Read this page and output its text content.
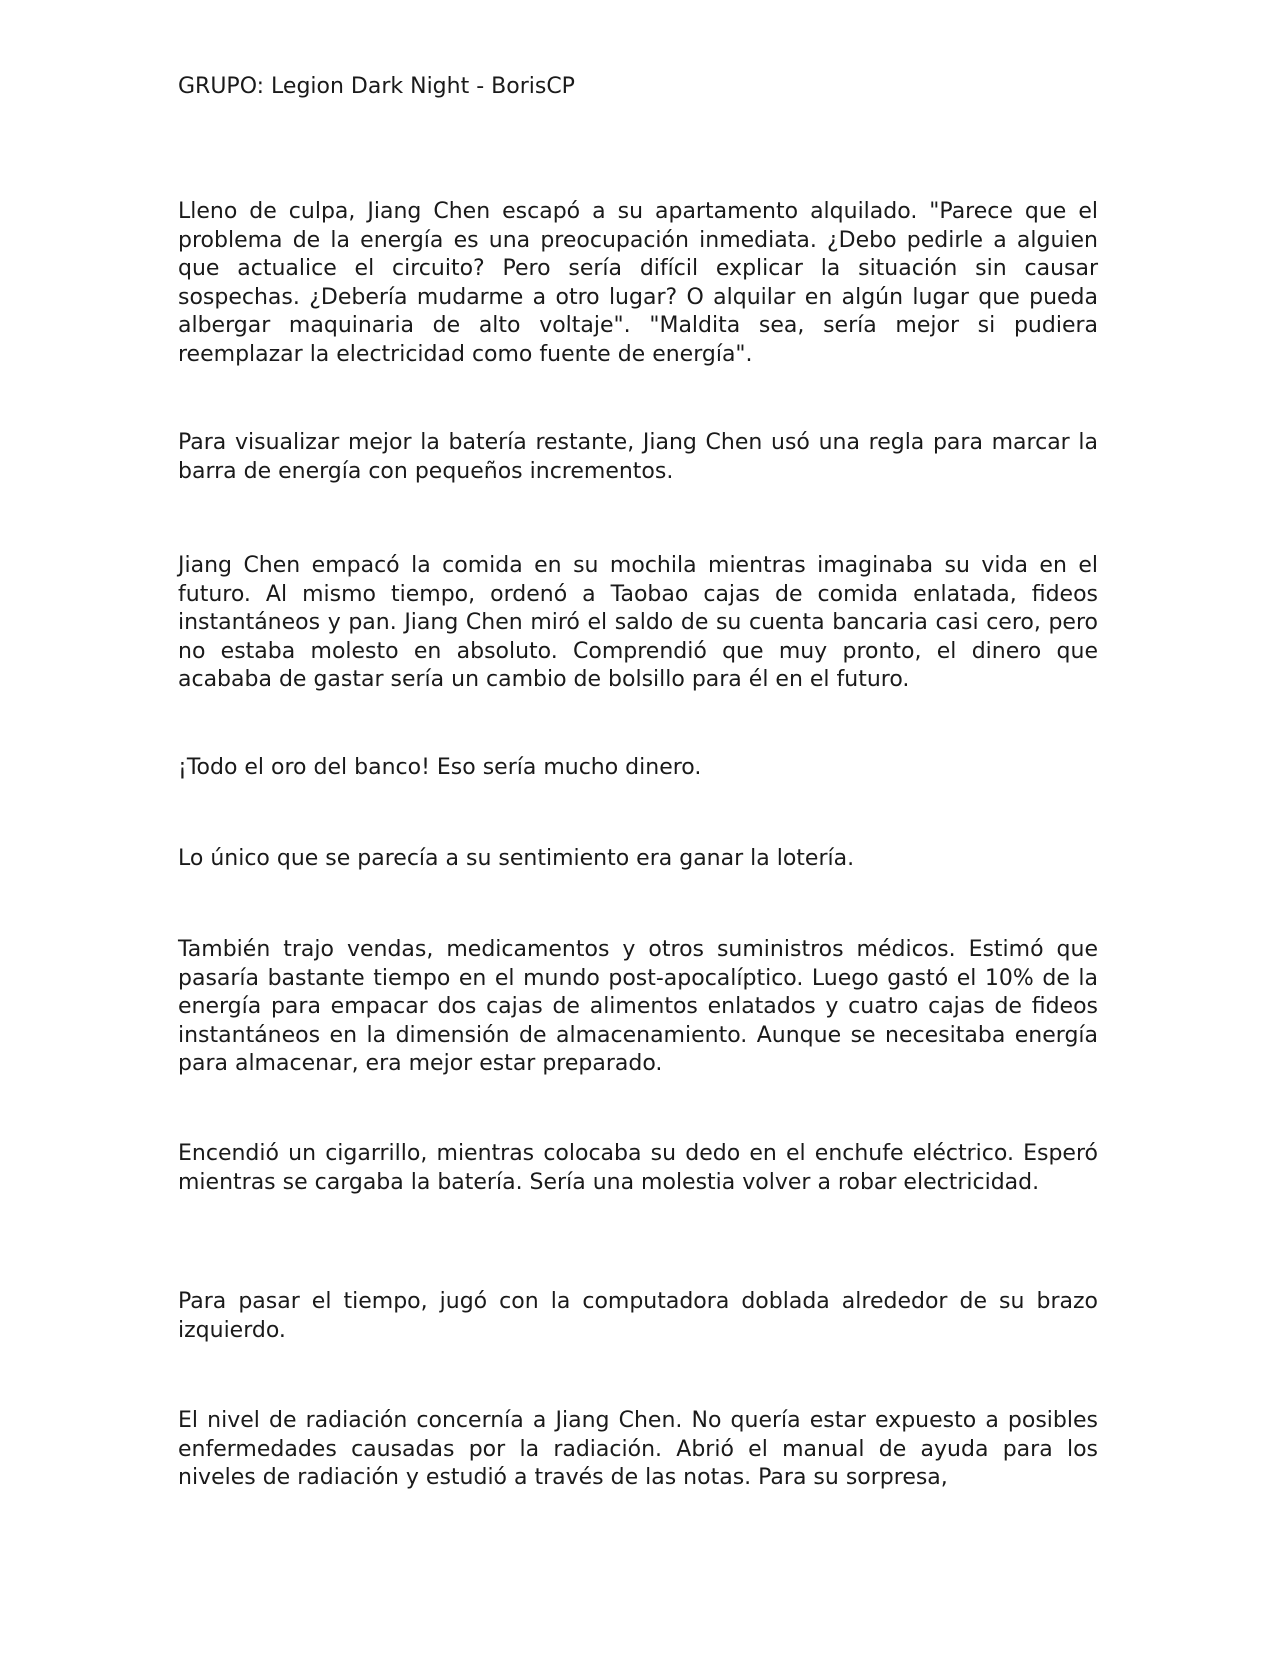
GRUPO: Legion Dark Night - BorisCP

Lleno de culpa, Jiang Chen escapó a su apartamento alquilado. "Parece que el problema de la energía es una preocupación inmediata. ¿Debo pedirle a alguien que actualice el circuito? Pero sería difícil explicar la situación sin causar sospechas. ¿Debería mudarme a otro lugar? O alquilar en algún lugar que pueda albergar maquinaria de alto voltaje". "Maldita sea, sería mejor si pudiera reemplazar la electricidad como fuente de energía".

Para visualizar mejor la batería restante, Jiang Chen usó una regla para marcar la barra de energía con pequeños incrementos.

Jiang Chen empacó la comida en su mochila mientras imaginaba su vida en el futuro. Al mismo tiempo, ordenó a Taobao cajas de comida enlatada, fideos instantáneos y pan. Jiang Chen miró el saldo de su cuenta bancaria casi cero, pero no estaba molesto en absoluto. Comprendió que muy pronto, el dinero que acababa de gastar sería un cambio de bolsillo para él en el futuro.

¡Todo el oro del banco! Eso sería mucho dinero.

Lo único que se parecía a su sentimiento era ganar la lotería.

También trajo vendas, medicamentos y otros suministros médicos. Estimó que pasaría bastante tiempo en el mundo post-apocalíptico. Luego gastó el 10% de la energía para empacar dos cajas de alimentos enlatados y cuatro cajas de fideos instantáneos en la dimensión de almacenamiento. Aunque se necesitaba energía para almacenar, era mejor estar preparado.

Encendió un cigarrillo, mientras colocaba su dedo en el enchufe eléctrico. Esperó mientras se cargaba la batería. Sería una molestia volver a robar electricidad.

Para pasar el tiempo, jugó con la computadora doblada alrededor de su brazo izquierdo.

El nivel de radiación concernía a Jiang Chen. No quería estar expuesto a posibles enfermedades causadas por la radiación. Abrió el manual de ayuda para los niveles de radiación y estudió a través de las notas. Para su sorpresa,
